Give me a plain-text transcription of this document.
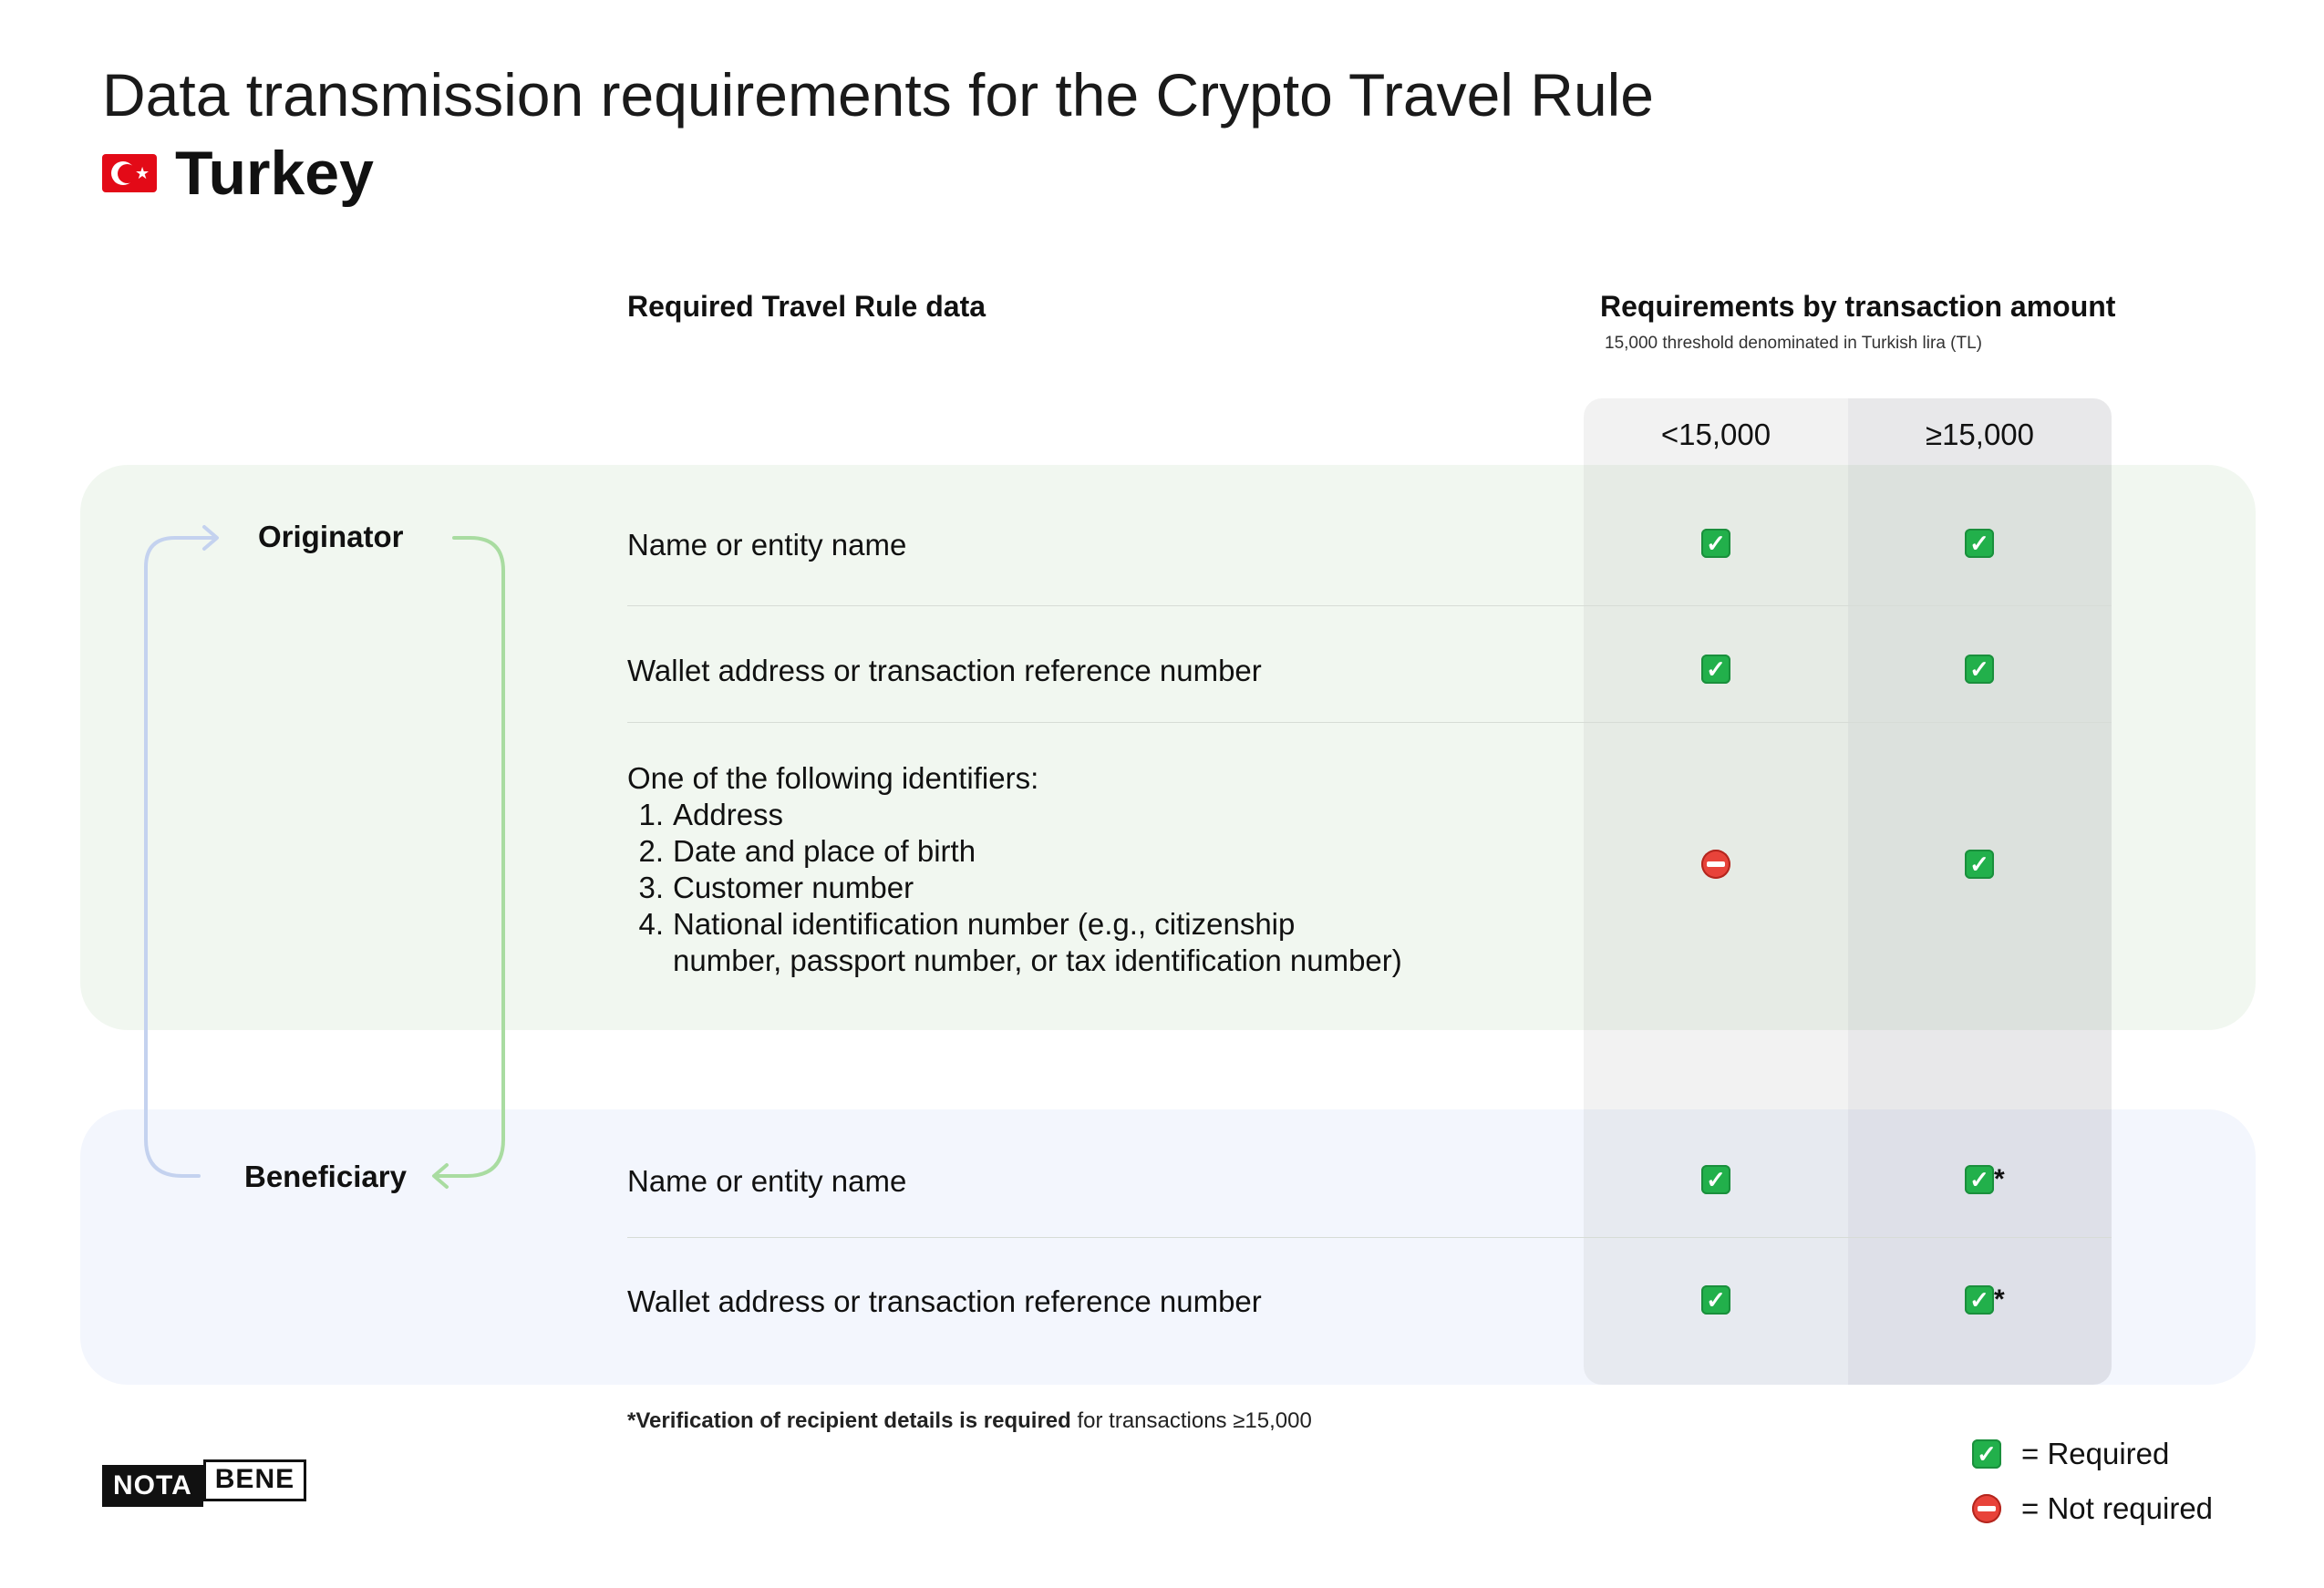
Data transmission requirements for the Crypto Travel Rule
★ Turkey
Required Travel Rule data	Requirements by transaction amount
15,000 threshold denominated in Turkish lira (TL)
<15,000	≥15,000
Originator
Beneficiary
Name or entity name
Wallet address or transaction reference number
One of the following identifiers:
1. Address
2. Date and place of birth
3. Customer number
4. National identification number (e.g., citizenship
number, passport number, or tax identification number)
Name or entity name
Wallet address or transaction reference number
✓
✓
✓
✓
✓
✓
✓
✓ *
✓ *
*Verification of recipient details is required for transactions ≥15,000
NOTA BENE
✓ = Required
= Not required
